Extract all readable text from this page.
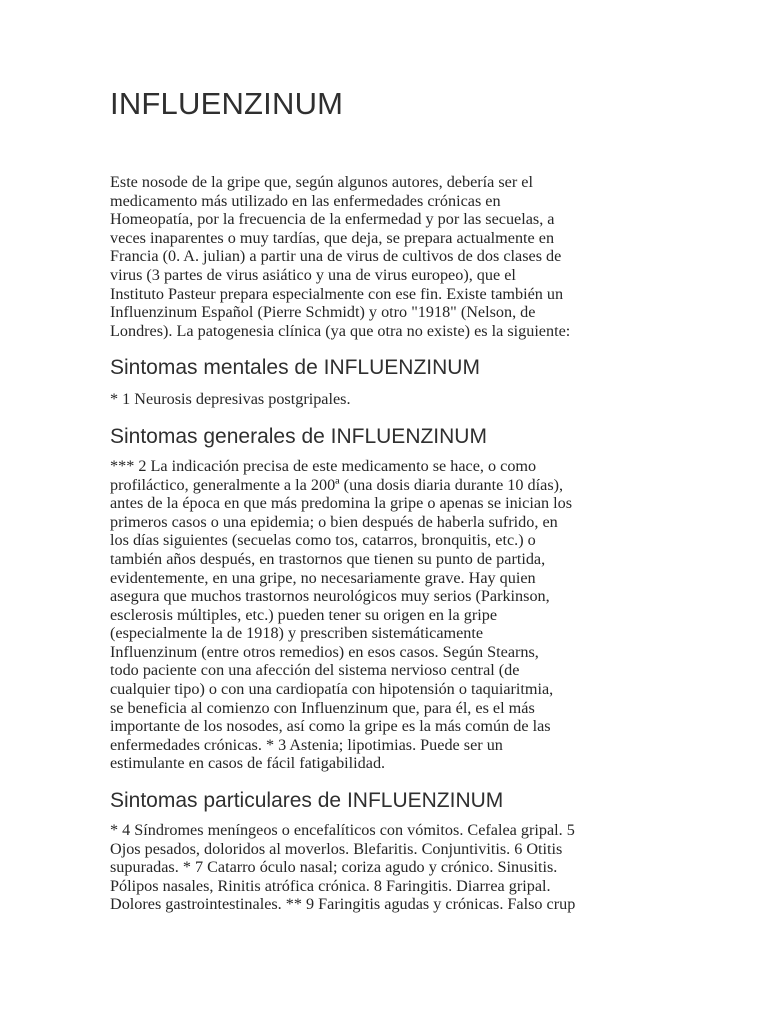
INFLUENZINUM

Este nosode de la gripe que, según algunos autores, debería ser el
medicamento más utilizado en las enfermedades crónicas en
Homeopatía, por la frecuencia de la enfermedad y por las secuelas, a
veces inaparentes o muy tardías, que deja, se prepara actualmente en
Francia (0. A. julian) a partir una de virus de cultivos de dos clases de
virus (3 partes de virus asiático y una de virus europeo), que el
Instituto Pasteur prepara especialmente con ese fin. Existe también un
Influenzinum Español (Pierre Schmidt) y otro "1918" (Nelson, de
Londres). La patogenesia clínica (ya que otra no existe) es la siguiente:

Sintomas mentales de INFLUENZINUM

* 1 Neurosis depresivas postgripales.

Sintomas generales de INFLUENZINUM

*** 2 La indicación precisa de este medicamento se hace, o como
profiláctico, generalmente a la 200ª (una dosis diaria durante 10 días),
antes de la época en que más predomina la gripe o apenas se inician los
primeros casos o una epidemia; o bien después de haberla sufrido, en
los días siguientes (secuelas como tos, catarros, bronquitis, etc.) o
también años después, en trastornos que tienen su punto de partida,
evidentemente, en una gripe, no necesariamente grave. Hay quien
asegura que muchos trastornos neurológicos muy serios (Parkinson,
esclerosis múltiples, etc.) pueden tener su origen en la gripe
(especialmente la de 1918) y prescriben sistemáticamente
Influenzinum (entre otros remedios) en esos casos. Según Stearns,
todo paciente con una afección del sistema nervioso central (de
cualquier tipo) o con una cardiopatía con hipotensión o taquiaritmia,
se beneficia al comienzo con Influenzinum que, para él, es el más
importante de los nosodes, así como la gripe es la más común de las
enfermedades crónicas. * 3 Astenia; lipotimias. Puede ser un
estimulante en casos de fácil fatigabilidad.

Sintomas particulares de INFLUENZINUM

* 4 Síndromes meníngeos o encefalíticos con vómitos. Cefalea gripal. 5
Ojos pesados, doloridos al moverlos. Blefaritis. Conjuntivitis. 6 Otitis
supuradas. * 7 Catarro óculo nasal; coriza agudo y crónico. Sinusitis.
Pólipos nasales, Rinitis atrófica crónica. 8 Faringitis. Diarrea gripal.
Dolores gastrointestinales. ** 9 Faringitis agudas y crónicas. Falso crup
